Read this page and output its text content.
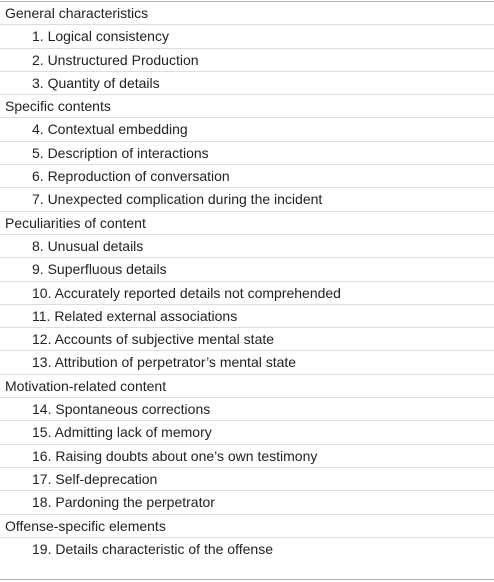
General characteristics
1. Logical consistency
2. Unstructured Production
3. Quantity of details
Specific contents
4. Contextual embedding
5. Description of interactions
6. Reproduction of conversation
7. Unexpected complication during the incident
Peculiarities of content
8. Unusual details
9. Superfluous details
10. Accurately reported details not comprehended
11. Related external associations
12. Accounts of subjective mental state
13. Attribution of perpetrator’s mental state
Motivation-related content
14. Spontaneous corrections
15. Admitting lack of memory
16. Raising doubts about one’s own testimony
17. Self-deprecation
18. Pardoning the perpetrator
Offense-specific elements
19. Details characteristic of the offense
